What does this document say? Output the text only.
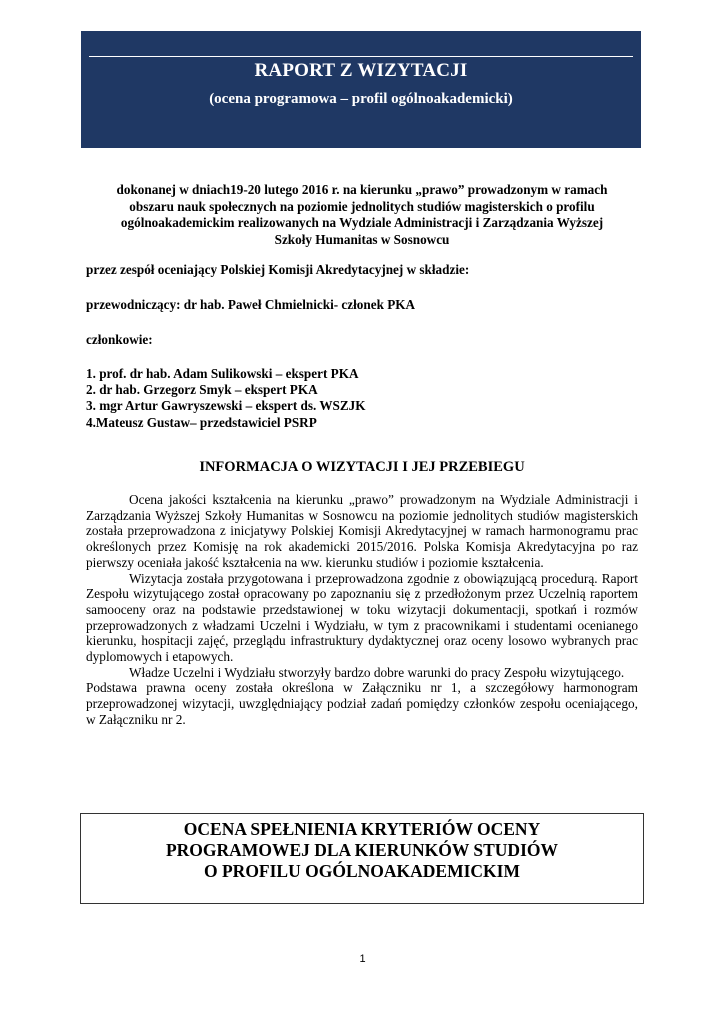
RAPORT Z WIZYTACJI
(ocena programowa – profil ogólnoakademicki)
dokonanej w dniach19-20 lutego 2016 r. na kierunku „prawo” prowadzonym w ramach
obszaru nauk społecznych na poziomie jednolitych studiów magisterskich o profilu
ogólnoakademickim realizowanych na Wydziale Administracji i Zarządzania Wyższej
Szkoły Humanitas w Sosnowcu
przez zespół oceniający Polskiej Komisji Akredytacyjnej w składzie:
przewodniczący: dr hab. Paweł Chmielnicki- członek PKA
członkowie:
1. prof. dr hab. Adam Sulikowski – ekspert PKA
2. dr hab. Grzegorz Smyk – ekspert PKA
3. mgr Artur Gawryszewski – ekspert ds. WSZJK
4.Mateusz Gustaw– przedstawiciel PSRP
INFORMACJA O WIZYTACJI I JEJ PRZEBIEGU

Ocena jakości kształcenia na kierunku „prawo” prowadzonym na Wydziale Administracji i Zarządzania Wyższej Szkoły Humanitas w Sosnowcu na poziomie jednolitych studiów magisterskich została przeprowadzona z inicjatywy Polskiej Komisji Akredytacyjnej w ramach harmonogramu prac określonych przez Komisję na rok akademicki 2015/2016. Polska Komisja Akredytacyjna po raz pierwszy oceniała jakość kształcenia na ww. kierunku studiów i poziomie kształcenia.

Wizytacja została przygotowana i przeprowadzona zgodnie z obowiązującą procedurą. Raport Zespołu wizytującego został opracowany po zapoznaniu się z przedłożonym przez Uczelnią raportem samooceny oraz na podstawie przedstawionej w toku wizytacji dokumentacji, spotkań i rozmów przeprowadzonych z władzami Uczelni i Wydziału, w tym z pracownikami i studentami ocenianego kierunku, hospitacji zajęć, przeglądu infrastruktury dydaktycznej oraz oceny losowo wybranych prac dyplomowych i etapowych.

Władze Uczelni i Wydziału stworzyły bardzo dobre warunki do pracy Zespołu wizytującego.

Podstawa prawna oceny została określona w Załączniku nr 1, a szczegółowy harmonogram przeprowadzonej wizytacji, uwzględniający podział zadań pomiędzy członków zespołu oceniającego, w Załączniku nr 2.

OCENA SPEŁNIENIA KRYTERIÓW OCENY
PROGRAMOWEJ DLA KIERUNKÓW STUDIÓW
O PROFILU OGÓLNOAKADEMICKIM
1
